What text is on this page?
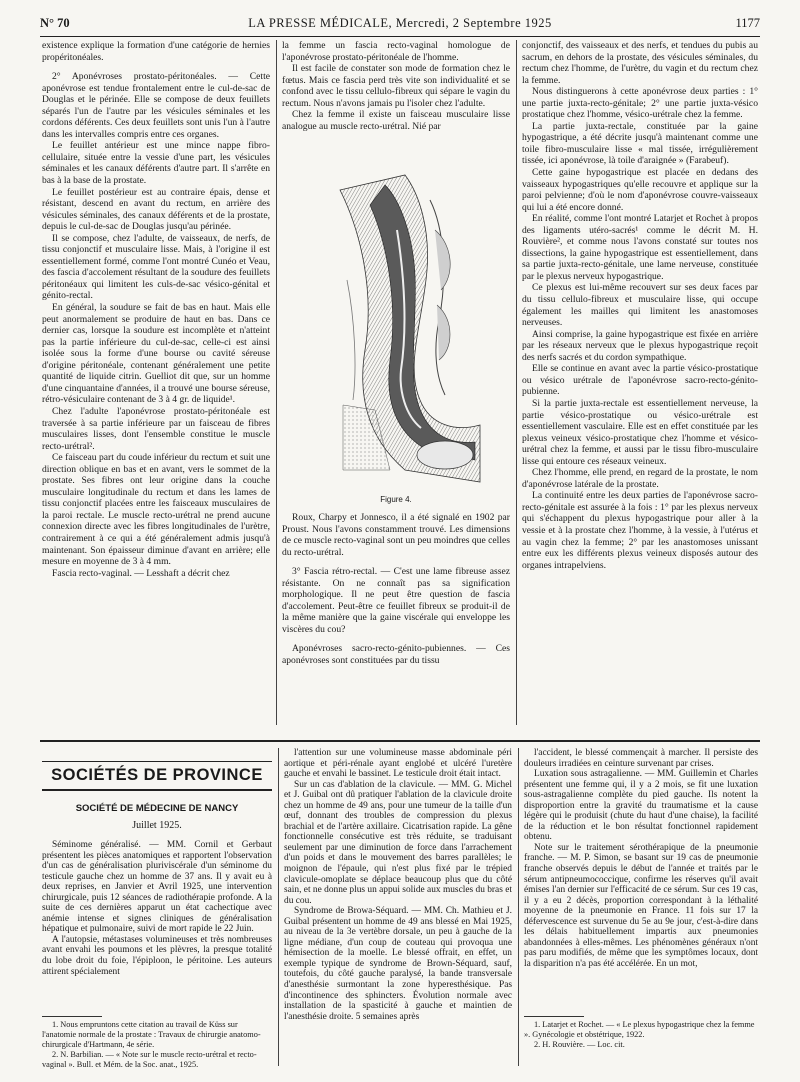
N° 70	LA PRESSE MÉDICALE, Mercredi, 2 Septembre 1925	1177

existence explique la formation d'une catégorie de hernies propéritonéales.

2° Aponévroses prostato-péritonéales. — Cette aponévrose est tendue frontalement entre le cul-de-sac de Douglas et le périnée. Elle se compose de deux feuillets séparés l'un de l'autre par les vésicules séminales et les cordons déférents. Ces deux feuillets sont unis l'un à l'autre dans les intervalles compris entre ces organes.

Le feuillet antérieur est une mince nappe fibro-cellulaire, située entre la vessie d'une part, les vésicules séminales et les canaux déférents d'autre part. Il s'arrête en bas à la base de la prostate.

Le feuillet postérieur est au contraire épais, dense et résistant, descend en avant du rectum, en arrière des vésicules séminales, des canaux déférents et de la prostate, depuis le cul-de-sac de Douglas jusqu'au périnée.

Il se compose, chez l'adulte, de vaisseaux, de nerfs, de tissu conjonctif et musculaire lisse. Mais, à l'origine il est essentiellement formé, comme l'ont montré Cunéo et Veau, des fascia d'accolement résultant de la soudure des feuillets péritonéaux qui limitent les culs-de-sac vésico-génital et génito-rectal.

En général, la soudure se fait de bas en haut. Mais elle peut anormalement se produire de haut en bas. Dans ce dernier cas, lorsque la soudure est incomplète et n'atteint pas la partie inférieure du cul-de-sac, celle-ci est ainsi isolée sous la forme d'une bourse ou cavité séreuse d'origine péritonéale, contenant généralement une petite quantité de liquide citrin. Guelliot dit que, sur un homme d'une cinquantaine d'années, il a trouvé une bourse séreuse, rétro-vésiculaire contenant de 3 à 4 gr. de liquide¹.

Chez l'adulte l'aponévrose prostato-péritonéale est traversée à sa partie inférieure par un faisceau de fibres musculaires lisses, dont l'ensemble constitue le muscle recto-urétral².

Ce faisceau part du coude inférieur du rectum et suit une direction oblique en bas et en avant, vers le sommet de la prostate. Ses fibres ont leur origine dans la couche musculaire longitudinale du rectum et dans les lames de tissu conjonctif placées entre les faisceaux musculaires de la paroi rectale. Le muscle recto-urétral ne prend aucune connexion directe avec les fibres longitudinales de l'urètre, contrairement à ce qui a été généralement admis jusqu'à maintenant. Son épaisseur diminue d'avant en arrière; elle mesure en moyenne de 3 à 4 mm.

Fascia recto-vaginal. — Lesshaft a décrit chez

la femme un fascia recto-vaginal homologue de l'aponévrose prostato-péritonéale de l'homme.

Il est facile de constater son mode de formation chez le fœtus. Mais ce fascia perd très vite son individualité et se confond avec le tissu cellulo-fibreux qui sépare le vagin du rectum. Nous n'avons jamais pu l'isoler chez l'adulte.

Chez la femme il existe un faisceau musculaire lisse analogue au muscle recto-urétral. Nié par

Figure 4.

Roux, Charpy et Jonnesco, il a été signalé en 1902 par Proust. Nous l'avons constamment trouvé. Les dimensions de ce muscle recto-vaginal sont un peu moindres que celles du recto-urétral.

3° Fascia rétro-rectal. — C'est une lame fibreuse assez résistante. On ne connaît pas sa signification morphologique. Il ne peut être question de fascia d'accolement. Peut-être ce feuillet fibreux se produit-il de la même manière que la gaine viscérale qui enveloppe les viscères du cou?

Aponévroses sacro-recto-génito-pubiennes. — Ces aponévroses sont constituées par du tissu

conjonctif, des vaisseaux et des nerfs, et tendues du pubis au sacrum, en dehors de la prostate, des vésicules séminales, du rectum chez l'homme, de l'urètre, du vagin et du rectum chez la femme.

Nous distinguerons à cette aponévrose deux parties : 1° une partie juxta-recto-génitale; 2° une partie juxta-vésico prostatique chez l'homme, vésico-urétrale chez la femme.

La partie juxta-rectale, constituée par la gaine hypogastrique, a été décrite jusqu'à maintenant comme une toile fibro-musculaire lisse « mal tissée, irrégulièrement tissée, ici aponévrose, là toile d'araignée » (Farabeuf).

Cette gaine hypogastrique est placée en dedans des vaisseaux hypogastriques qu'elle recouvre et applique sur la paroi pelvienne; d'où le nom d'aponévrose couvre-vaisseaux qui lui a été encore donné.

En réalité, comme l'ont montré Latarjet et Rochet à propos des ligaments utéro-sacrés¹ comme le décrit M. H. Rouvière², et comme nous l'avons constaté sur toutes nos dissections, la gaine hypogastrique est essentiellement, dans sa partie juxta-recto-génitale, une lame nerveuse, constituée par le plexus nerveux hypogastrique.

Ce plexus est lui-même recouvert sur ses deux faces par du tissu cellulo-fibreux et musculaire lisse, qui occupe également les mailles qui limitent les anastomoses nerveuses.

Ainsi comprise, la gaine hypogastrique est fixée en arrière par les réseaux nerveux que le plexus hypogastrique reçoit des nerfs sacrés et du cordon sympathique.

Elle se continue en avant avec la partie vésico-prostatique ou vésico urétrale de l'aponévrose sacro-recto-génito-pubienne.

Si la partie juxta-rectale est essentiellement nerveuse, la partie vésico-prostatique ou vésico-urétrale est essentiellement vasculaire. Elle est en effet constituée par les plexus veineux vésico-prostatique chez l'homme et vésico-urétral chez la femme, et aussi par le tissu fibro-musculaire lisse qui entoure ces réseaux veineux.

Chez l'homme, elle prend, en regard de la prostate, le nom d'aponévrose latérale de la prostate.

La continuité entre les deux parties de l'aponévrose sacro-recto-génitale est assurée à la fois : 1° par les plexus nerveux qui s'échappent du plexus hypogastrique pour aller à la vessie et à la prostate chez l'homme, à la vessie, à l'utérus et au vagin chez la femme; 2° par les anastomoses unissant entre eux les différents plexus veineux disposés autour des organes intrapelviens.

SOCIÉTÉS DE PROVINCE
SOCIÉTÉ DE MÉDECINE DE NANCY
Juillet 1925.

Séminome généralisé. — MM. Cornil et Gerbaut présentent les pièces anatomiques et rapportent l'observation d'un cas de généralisation pluriviscérale d'un séminome du testicule gauche chez un homme de 37 ans. Il y avait eu à deux reprises, en Janvier et Avril 1925, une intervention chirurgicale, puis 12 séances de radiothérapie profonde. A la suite de ces dernières apparut un état cachectique avec anémie intense et signes cliniques de généralisation hépatique et pulmonaire, suivi de mort rapide le 22 Juin.

A l'autopsie, métastases volumineuses et très nombreuses avant envahi les poumons et les plèvres, la presque totalité du lobe droit du foie, l'épiploon, le péritoine. Les auteurs attirent spécialement

l'attention sur une volumineuse masse abdominale péri aortique et péri-rénale ayant englobé et ulcéré l'uretère gauche et envahi le bassinet. Le testicule droit était intact.

Sur un cas d'ablation de la clavicule. — MM. G. Michel et J. Guibal ont dû pratiquer l'ablation de la clavicule droite chez un homme de 49 ans, pour une tumeur de la taille d'un œuf, donnant des troubles de compression du plexus brachial et de l'artère axillaire. Cicatrisation rapide. La gêne fonctionnelle consécutive est très réduite, se traduisant seulement par une diminution de force dans l'arrachement d'un poids et dans le mouvement des barres parallèles; le moignon de l'épaule, qui n'est plus fixé par le trépied clavicule-omoplate se déplace beaucoup plus que du côté sain, et ne donne plus un appui solide aux muscles du bras et du cou.

Syndrome de Browa-Séquard. — MM. Ch. Mathieu et J. Guibal présentent un homme de 49 ans blessé en Mai 1925, au niveau de la 3e vertèbre dorsale, un peu à gauche de la ligne médiane, d'un coup de couteau qui provoqua une hémisection de la moelle. Le blessé offrait, en effet, un exemple typique de syndrome de Brown-Séquard, sauf, toutefois, du côté gauche paralysé, la bande transversale d'anesthésie surmontant la zone hyperesthésique. Pas d'incontinence des sphincters. Évolution normale avec installation de la spasticité à gauche et maintien de l'anesthésie droite. 5 semaines après

l'accident, le blessé commençait à marcher. Il persiste des douleurs irradiées en ceinture survenant par crises.

Luxation sous astragalienne. — MM. Guillemin et Charles présentent une femme qui, il y a 2 mois, se fit une luxation sous-astragalienne complète du pied gauche. Ils notent la disproportion entre la gravité du traumatisme et la cause légère qui le produisit (chute du haut d'une chaise), la facilité de la réduction et le bon résultat fonctionnel rapidement obtenu.

Note sur le traitement sérothérapique de la pneumonie franche. — M. P. Simon, se basant sur 19 cas de pneumonie franche observés depuis le début de l'année et traités par le sérum antipneumococcique, confirme les réserves qu'il avait émises l'an dernier sur l'efficacité de ce sérum. Sur ces 19 cas, il y a eu 2 décès, proportion correspondant à la léthalité moyenne de la pneumonie en France. 11 fois sur 17 la défervescence est survenue du 5e au 9e jour, c'est-à-dire dans les délais habituellement impartis aux pneumonies abandonnées à elles-mêmes. Les phénomènes généraux n'ont pas paru modifiés, de même que les symptômes locaux, dont la disparition n'a pas été accélérée. En un mot,

1. Nous empruntons cette citation au travail de Küss sur l'anatomie normale de la prostate : Travaux de chirurgie anatomo-chirurgicale d'Hartmann, 4e série.

2. N. Barbilian. — « Note sur le muscle recto-urétral et recto-vaginal ». Bull. et Mém. de la Soc. anat., 1925.

1. Latarjet et Rochet. — « Le plexus hypogastrique chez la femme ». Gynécologie et obstétrique, 1922.

2. H. Rouvière. — Loc. cit.
